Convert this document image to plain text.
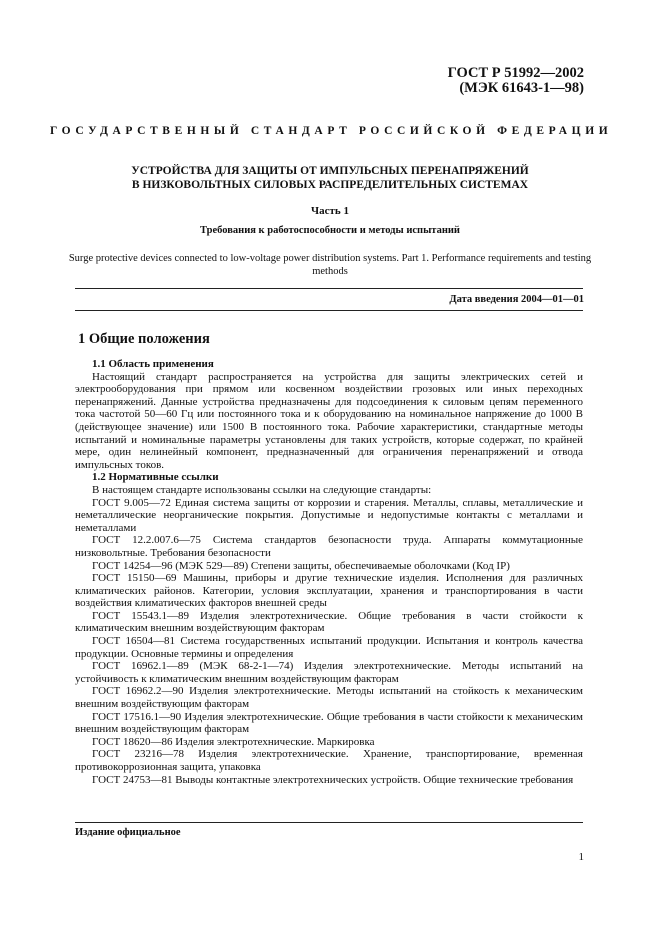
ГОСТ Р 51992—2002
(МЭК 61643-1—98)
ГОСУДАРСТВЕННЫЙ СТАНДАРТ РОССИЙСКОЙ ФЕДЕРАЦИИ
УСТРОЙСТВА ДЛЯ ЗАЩИТЫ ОТ ИМПУЛЬСНЫХ ПЕРЕНАПРЯЖЕНИЙ
В НИЗКОВОЛЬТНЫХ СИЛОВЫХ РАСПРЕДЕЛИТЕЛЬНЫХ СИСТЕМАХ
Часть 1
Требования к работоспособности и методы испытаний
Surge protective devices connected to low-voltage power distribution systems. Part 1. Performance requirements and testing methods
Дата введения 2004—01—01
1 Общие положения

1.1 Область применения

Настоящий стандарт распространяется на устройства для защиты электрических сетей и электрооборудования при прямом или косвенном воздействии грозовых или иных переходных перенапряжений. Данные устройства предназначены для подсоединения к силовым цепям переменного тока частотой 50—60 Гц или постоянного тока и к оборудованию на номинальное напряжение до 1000 В (действующее значение) или 1500 В постоянного тока. Рабочие характеристики, стандартные методы испытаний и номинальные параметры установлены для таких устройств, которые содержат, по крайней мере, один нелинейный компонент, предназначенный для ограничения перенапряжений и отвода импульсных токов.

1.2 Нормативные ссылки

В настоящем стандарте использованы ссылки на следующие стандарты:

ГОСТ 9.005—72 Единая система защиты от коррозии и старения. Металлы, сплавы, металлические и неметаллические неорганические покрытия. Допустимые и недопустимые контакты с металлами и неметаллами

ГОСТ 12.2.007.6—75 Система стандартов безопасности труда. Аппараты коммутационные низковольтные. Требования безопасности

ГОСТ 14254—96 (МЭК 529—89) Степени защиты, обеспечиваемые оболочками (Код IP)

ГОСТ 15150—69 Машины, приборы и другие технические изделия. Исполнения для различных климатических районов. Категории, условия эксплуатации, хранения и транспортирования в части воздействия климатических факторов внешней среды

ГОСТ 15543.1—89 Изделия электротехнические. Общие требования в части стойкости к климатическим внешним воздействующим факторам

ГОСТ 16504—81 Система государственных испытаний продукции. Испытания и контроль качества продукции. Основные термины и определения

ГОСТ 16962.1—89 (МЭК 68-2-1—74) Изделия электротехнические. Методы испытаний на устойчивость к климатическим внешним воздействующим факторам

ГОСТ 16962.2—90 Изделия электротехнические. Методы испытаний на стойкость к механическим внешним воздействующим факторам

ГОСТ 17516.1—90 Изделия электротехнические. Общие требования в части стойкости к механическим внешним воздействующим факторам

ГОСТ 18620—86 Изделия электротехнические. Маркировка

ГОСТ 23216—78 Изделия электротехнические. Хранение, транспортирование, временная противокоррозионная защита, упаковка

ГОСТ 24753—81 Выводы контактные электротехнических устройств. Общие технические требования

Издание официальное
1
